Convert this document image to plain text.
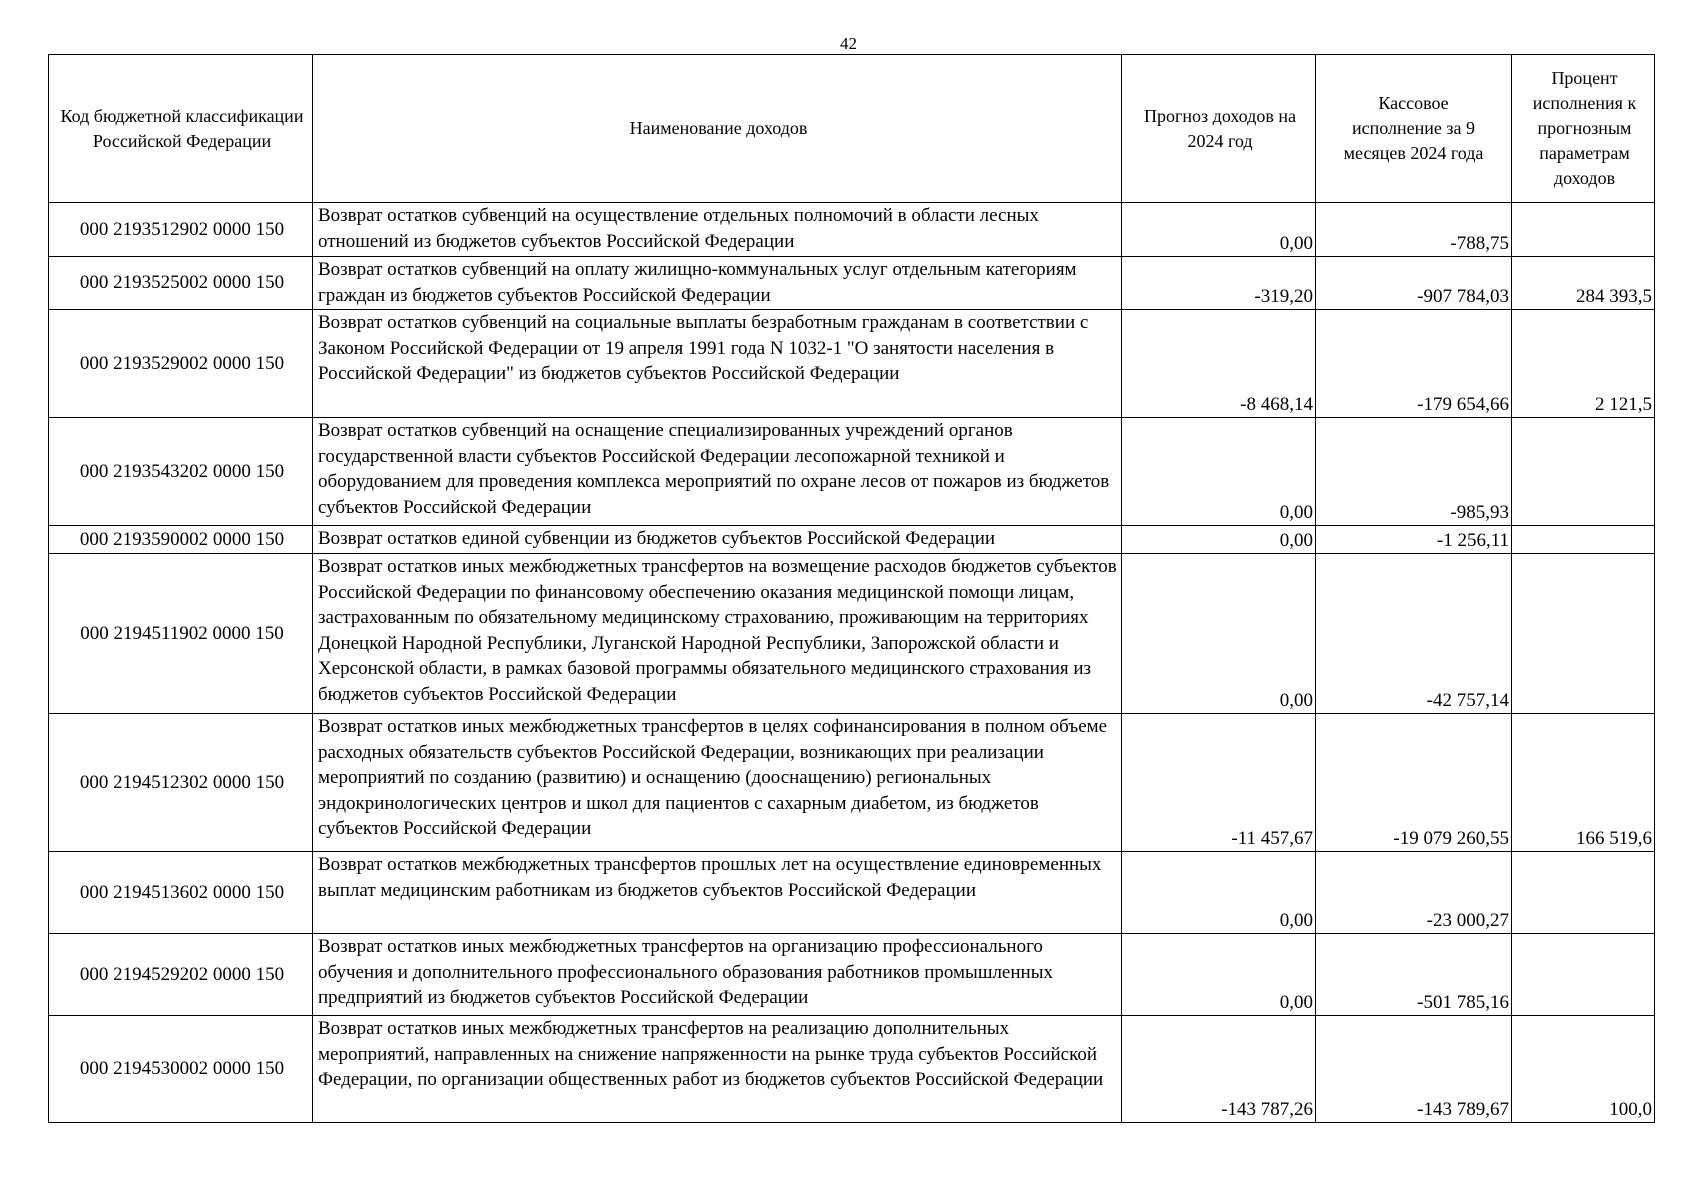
42
Код бюджетной классификации Российской Федерации	Наименование доходов	Прогноз доходов на 2024 год	Кассовое исполнение за 9 месяцев 2024 года	Процент исполнения к прогнозным параметрам доходов
000 2193512902 0000 150	Возврат остатков субвенций на осуществление отдельных полномочий в области лесных отношений из бюджетов субъектов Российской Федерации	0,00	-788,75	
000 2193525002 0000 150	Возврат остатков субвенций на оплату жилищно-коммунальных услуг отдельным категориям граждан из бюджетов субъектов Российской Федерации	-319,20	-907 784,03	284 393,5
000 2193529002 0000 150	Возврат остатков субвенций на социальные выплаты безработным гражданам в соответствии с Законом Российской Федерации от 19 апреля 1991 года N 1032-1 "О занятости населения в Российской Федерации" из бюджетов субъектов Российской Федерации	-8 468,14	-179 654,66	2 121,5
000 2193543202 0000 150	Возврат остатков субвенций на оснащение специализированных учреждений органов государственной власти субъектов Российской Федерации лесопожарной техникой и оборудованием для проведения комплекса мероприятий по охране лесов от пожаров из бюджетов субъектов Российской Федерации	0,00	-985,93	
000 2193590002 0000 150	Возврат остатков единой субвенции из бюджетов субъектов Российской Федерации	0,00	-1 256,11	
000 2194511902 0000 150	Возврат остатков иных межбюджетных трансфертов на возмещение расходов бюджетов субъектов Российской Федерации по финансовому обеспечению оказания медицинской помощи лицам, застрахованным по обязательному медицинскому страхованию, проживающим на территориях Донецкой Народной Республики, Луганской Народной Республики, Запорожской области и Херсонской области, в рамках базовой программы обязательного медицинского страхования из бюджетов субъектов Российской Федерации	0,00	-42 757,14	
000 2194512302 0000 150	Возврат остатков иных межбюджетных трансфертов в целях софинансирования в полном объеме расходных обязательств субъектов Российской Федерации, возникающих при реализации мероприятий по созданию (развитию) и оснащению (дооснащению) региональных эндокринологических центров и школ для пациентов с сахарным диабетом, из бюджетов субъектов Российской Федерации	-11 457,67	-19 079 260,55	166 519,6
000 2194513602 0000 150	Возврат остатков межбюджетных трансфертов прошлых лет на осуществление единовременных выплат медицинским работникам из бюджетов субъектов Российской Федерации	0,00	-23 000,27	
000 2194529202 0000 150	Возврат остатков иных межбюджетных трансфертов на организацию профессионального обучения и дополнительного профессионального образования работников промышленных предприятий из бюджетов субъектов Российской Федерации	0,00	-501 785,16	
000 2194530002 0000 150	Возврат остатков иных межбюджетных трансфертов на реализацию дополнительных мероприятий, направленных на снижение напряженности на рынке труда субъектов Российской Федерации, по организации общественных работ из бюджетов субъектов Российской Федерации	-143 787,26	-143 789,67	100,0
